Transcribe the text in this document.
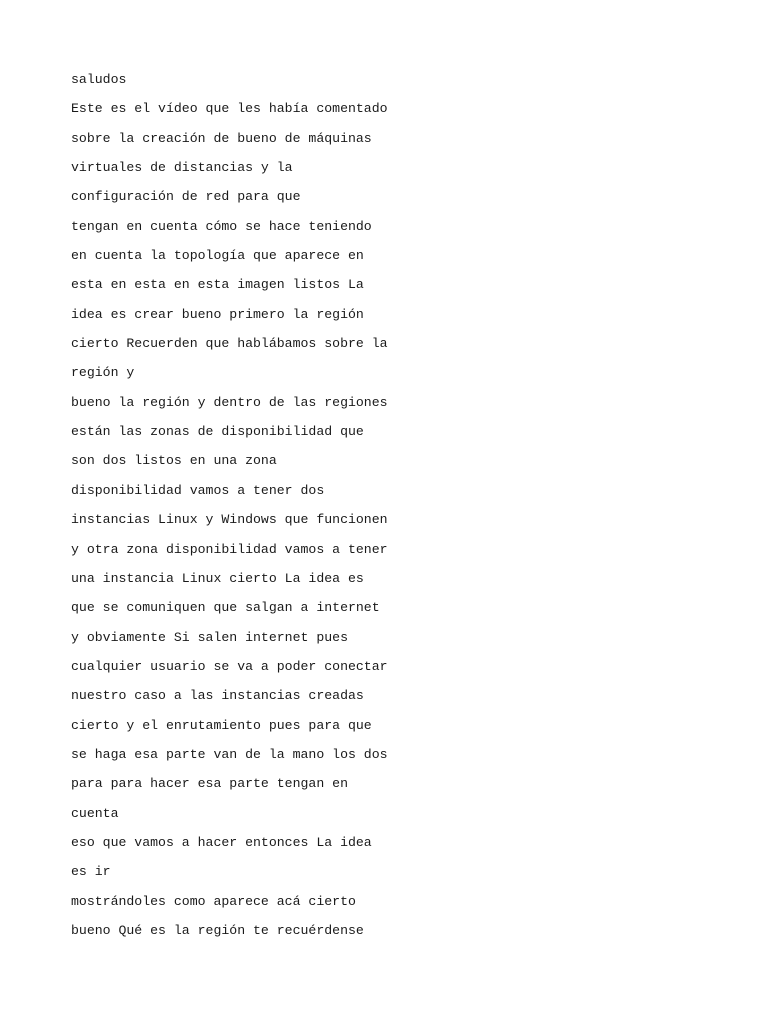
saludos
Este es el vídeo que les había comentado
sobre la creación de bueno de máquinas
virtuales de distancias y la
configuración de red para que
tengan en cuenta cómo se hace teniendo
en cuenta la topología que aparece en
esta en esta en esta imagen listos La
idea es crear bueno primero la región
cierto Recuerden que hablábamos sobre la
región y
bueno la región y dentro de las regiones
están las zonas de disponibilidad que
son dos listos en una zona
disponibilidad vamos a tener dos
instancias Linux y Windows que funcionen
y otra zona disponibilidad vamos a tener
una instancia Linux cierto La idea es
que se comuniquen que salgan a internet
y obviamente Si salen internet pues
cualquier usuario se va a poder conectar
nuestro caso a las instancias creadas
cierto y el enrutamiento pues para que
se haga esa parte van de la mano los dos
para para hacer esa parte tengan en
cuenta
eso que vamos a hacer entonces La idea
es ir
mostrándoles como aparece acá cierto
bueno Qué es la región te recuérdense
